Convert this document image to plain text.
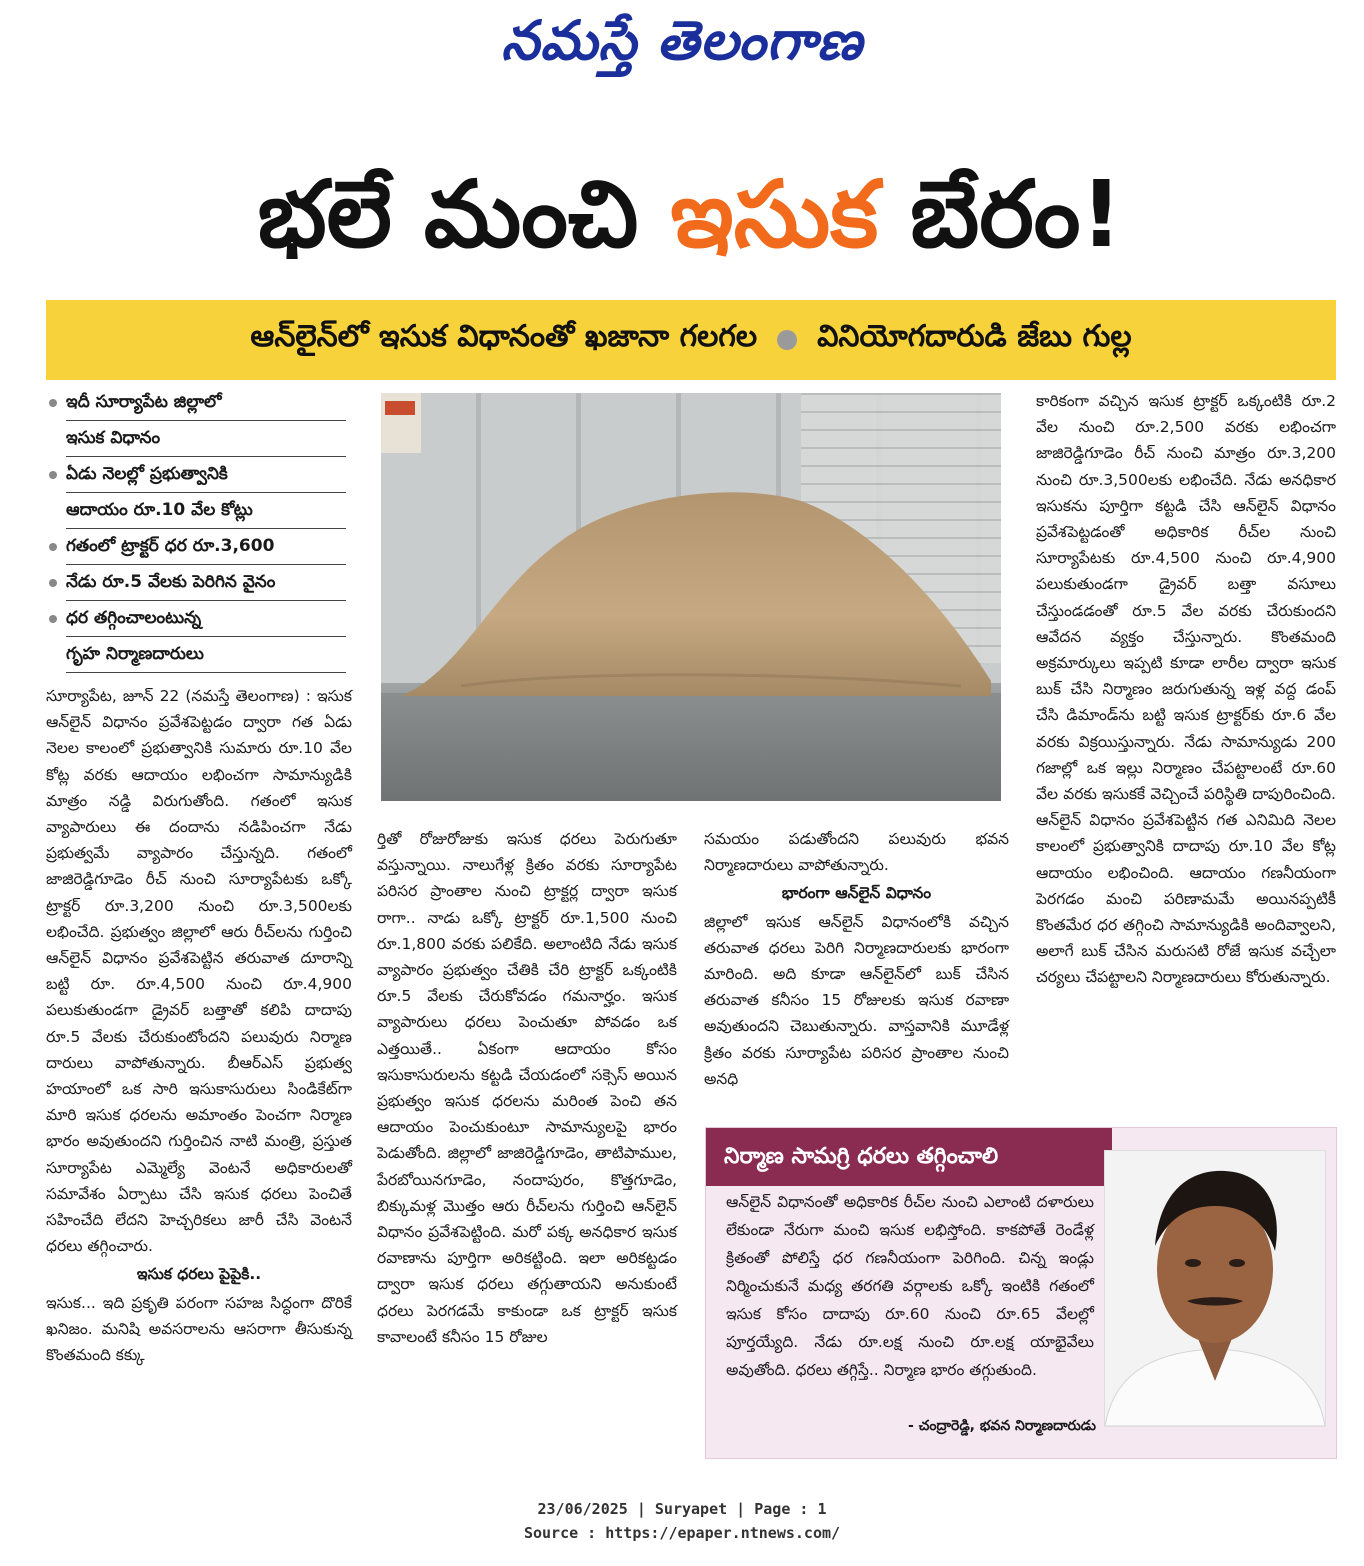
నమస్తే తెలంగాణ
భలే మంచి ఇసుక బేరం!
ఆన్‌లైన్‌లో ఇసుక విధానంతో ఖజానా గలగల వినియోగదారుడి జేబు గుల్ల
ఇదీ సూర్యాపేట జిల్లాలో
ఇసుక విధానం
ఏడు నెలల్లో ప్రభుత్వానికి
ఆదాయం రూ.10 వేల కోట్లు
గతంలో ట్రాక్టర్ ధర రూ.3,600
నేడు రూ.5 వేలకు పెరిగిన వైనం
ధర తగ్గించాలంటున్న
గృహ నిర్మాణదారులు

సూర్యాపేట, జూన్ 22 (నమస్తే తెలంగాణ) : ఇసుక ఆన్‌లైన్ విధానం ప్రవేశపెట్టడం ద్వారా గత ఏడు నెలల కాలంలో ప్రభుత్వానికి సుమారు రూ.10 వేల కోట్ల వరకు ఆదాయం లభించగా సామాన్యుడికి మాత్రం నడ్డి విరుగుతోంది. గతంలో ఇసుక వ్యాపారులు ఈ దందాను నడిపించగా నేడు ప్రభుత్వమే వ్యాపారం చేస్తున్నది. గతంలో జాజిరెడ్డిగూడెం రీచ్ నుంచి సూర్యాపేటకు ఒక్కో ట్రాక్టర్ రూ.3,200 నుంచి రూ.3,500లకు లభించేది. ప్రభుత్వం జిల్లాలో ఆరు రీచ్‌లను గుర్తించి ఆన్‌లైన్ విధానం ప్రవేశపెట్టిన తరువాత దూరాన్ని బట్టి రూ. రూ.4,500 నుంచి రూ.4,900 పలుకుతుండగా డ్రైవర్ బత్తాతో కలిపి దాదాపు రూ.5 వేలకు చేరుకుంటోందని పలువురు నిర్మాణ దారులు వాపోతున్నారు. బీఆర్‌ఎస్ ప్రభుత్వ హయాంలో ఒక సారి ఇసుకాసురులు సిండికేట్‌గా మారి ఇసుక ధరలను అమాంతం పెంచగా నిర్మాణ భారం అవుతుందని గుర్తించిన నాటి మంత్రి, ప్రస్తుత సూర్యాపేట ఎమ్మెల్యే వెంటనే అధికారులతో సమావేశం ఏర్పాటు చేసి ఇసుక ధరలు పెంచితే సహించేది లేదని హెచ్చరికలు జారీ చేసి వెంటనే ధరలు తగ్గించారు.

ఇసుక ధరలు పైపైకి..

ఇసుక... ఇది ప్రకృతి పరంగా సహజ సిద్ధంగా దొరికే ఖనిజం. మనిషి అవసరాలను ఆసరాగా తీసుకున్న కొంతమంది కక్కు

ర్తితో రోజురోజుకు ఇసుక ధరలు పెరుగుతూ వస్తున్నాయి. నాలుగేళ్ల క్రితం వరకు సూర్యాపేట పరిసర ప్రాంతాల నుంచి ట్రాక్టర్ల ద్వారా ఇసుక రాగా.. నాడు ఒక్కో ట్రాక్టర్ రూ.1,500 నుంచి రూ.1,800 వరకు పలికేది. అలాంటిది నేడు ఇసుక వ్యాపారం ప్రభుత్వం చేతికి చేరి ట్రాక్టర్ ఒక్కంటికి రూ.5 వేలకు చేరుకోవడం గమనార్హం. ఇసుక వ్యాపారులు ధరలు పెంచుతూ పోవడం ఒక ఎత్తయితే.. ఏకంగా ఆదాయం కోసం ఇసుకాసురులను కట్టడి చేయడంలో సక్సెస్ అయిన ప్రభుత్వం ఇసుక ధరలను మరింత పెంచి తన ఆదాయం పెంచుకుంటూ సామాన్యులపై భారం పెడుతోంది. జిల్లాలో జాజిరెడ్డిగూడెం, తాటిపాముల, పేరబోయినగూడెం, నందాపురం, కొత్తగూడెం, బిక్కుమళ్ల మొత్తం ఆరు రీచ్‌లను గుర్తించి ఆన్‌లైన్ విధానం ప్రవేశపెట్టింది. మరో పక్క అనధికార ఇసుక రవాణాను పూర్తిగా అరికట్టింది. ఇలా అరికట్టడం ద్వారా ఇసుక ధరలు తగ్గుతాయని అనుకుంటే ధరలు పెరగడమే కాకుండా ఒక ట్రాక్టర్ ఇసుక కావాలంటే కనీసం 15 రోజుల

సమయం పడుతోందని పలువురు భవన నిర్మాణదారులు వాపోతున్నారు.

భారంగా ఆన్‌లైన్ విధానం

జిల్లాలో ఇసుక ఆన్‌లైన్ విధానంలోకి వచ్చిన తరువాత ధరలు పెరిగి నిర్మాణదారులకు భారంగా మారింది. అది కూడా ఆన్‌లైన్‌లో బుక్ చేసిన తరువాత కనీసం 15 రోజులకు ఇసుక రవాణా అవుతుందని చెబుతున్నారు. వాస్తవానికి మూడేళ్ల క్రితం వరకు సూర్యాపేట పరిసర ప్రాంతాల నుంచి అనధి

కారికంగా వచ్చిన ఇసుక ట్రాక్టర్ ఒక్కంటికి రూ.2 వేల నుంచి రూ.2,500 వరకు లభించగా జాజిరెడ్డిగూడెం రీచ్ నుంచి మాత్రం రూ.3,200 నుంచి రూ.3,500లకు లభించేది. నేడు అనధికార ఇసుకను పూర్తిగా కట్టడి చేసి ఆన్‌లైన్ విధానం ప్రవేశపెట్టడంతో అధికారిక రీచ్‌ల నుంచి సూర్యాపేటకు రూ.4,500 నుంచి రూ.4,900 పలుకుతుండగా డ్రైవర్ బత్తా వసూలు చేస్తుండడంతో రూ.5 వేల వరకు చేరుకుందని ఆవేదన వ్యక్తం చేస్తున్నారు. కొంతమంది అక్రమార్కులు ఇప్పటి కూడా లారీల ద్వారా ఇసుక బుక్ చేసి నిర్మాణం జరుగుతున్న ఇళ్ల వద్ద డంప్ చేసి డిమాండ్‌ను బట్టి ఇసుక ట్రాక్టర్‌కు రూ.6 వేల వరకు విక్రయిస్తున్నారు. నేడు సామాన్యుడు 200 గజాల్లో ఒక ఇల్లు నిర్మాణం చేపట్టాలంటే రూ.60 వేల వరకు ఇసుకకే వెచ్చించే పరిస్థితి దాపురించింది. ఆన్‌లైన్ విధానం ప్రవేశపెట్టిన గత ఎనిమిది నెలల కాలంలో ప్రభుత్వానికి దాదాపు రూ.10 వేల కోట్ల ఆదాయం లభించింది. ఆదాయం గణనీయంగా పెరగడం మంచి పరిణామమే అయినప్పటికీ కొంతమేర ధర తగ్గించి సామాన్యుడికి అందివ్వాలని, అలాగే బుక్ చేసిన మరుసటి రోజే ఇసుక వచ్చేలా చర్యలు చేపట్టాలని నిర్మాణదారులు కోరుతున్నారు.

నిర్మాణ సామగ్రి ధరలు తగ్గించాలి
ఆన్‌లైన్ విధానంతో అధికారిక రీచ్‌ల నుంచి ఎలాంటి దళారులు లేకుండా నేరుగా మంచి ఇసుక లభిస్తోంది. కాకపోతే రెండేళ్ల క్రితంతో పోలిస్తే ధర గణనీయంగా పెరిగింది. చిన్న ఇండ్లు నిర్మించుకునే మధ్య తరగతి వర్గాలకు ఒక్కో ఇంటికి గతంలో ఇసుక కోసం దాదాపు రూ.60 నుంచి రూ.65 వేలల్లో పూర్తయ్యేది. నేడు రూ.లక్ష నుంచి రూ.లక్ష యాభైవేలు అవుతోంది. ధరలు తగ్గిస్తే.. నిర్మాణ భారం తగ్గుతుంది.
- చంద్రారెడ్డి, భవన నిర్మాణదారుడు
23/06/2025 | Suryapet | Page : 1
Source : https://epaper.ntnews.com/
